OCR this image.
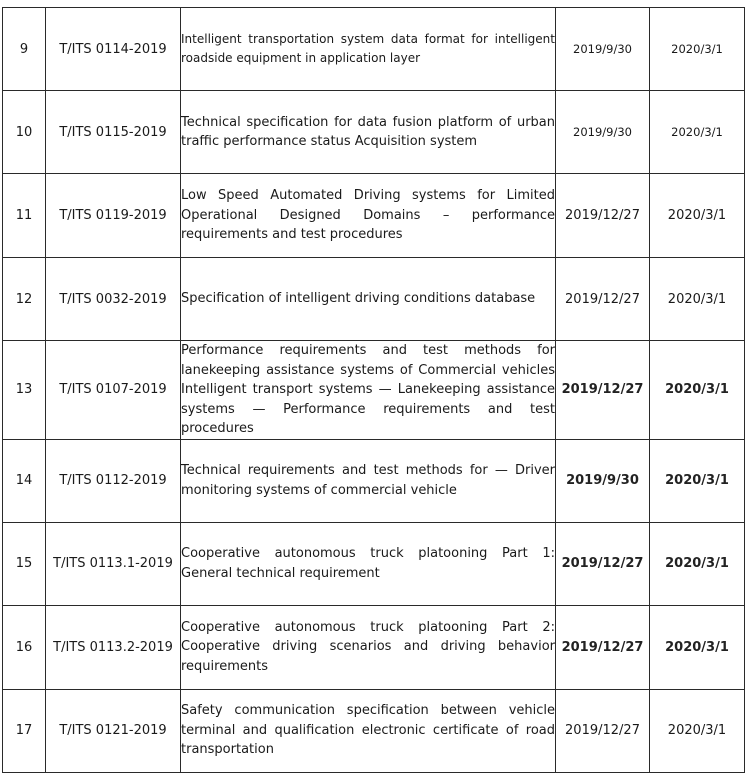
9	T/ITS 0114-2019	Intelligent transportation system data format for intelligent roadside equipment in application layer	2019/9/30	2020/3/1
10	T/ITS 0115-2019	Technical specification for data fusion platform of urban traffic performance status Acquisition system	2019/9/30	2020/3/1
11	T/ITS 0119-2019	Low Speed Automated Driving systems for Limited Operational Designed Domains – performance requirements and test procedures	2019/12/27	2020/3/1
12	T/ITS 0032-2019	Specification of intelligent driving conditions database	2019/12/27	2020/3/1
13	T/ITS 0107-2019	Performance requirements and test methods for lanekeeping assistance systems of Commercial vehicles Intelligent transport systems — Lanekeeping assistance systems — Performance requirements and test procedures	2019/12/27	2020/3/1
14	T/ITS 0112-2019	Technical requirements and test methods for — Driver monitoring systems of commercial vehicle	2019/9/30	2020/3/1
15	T/ITS 0113.1-2019	Cooperative autonomous truck platooning Part 1: General technical requirement	2019/12/27	2020/3/1
16	T/ITS 0113.2-2019	Cooperative autonomous truck platooning Part 2: Cooperative driving scenarios and driving behavior requirements	2019/12/27	2020/3/1
17	T/ITS 0121-2019	Safety communication specification between vehicle terminal and qualification electronic certificate of road transportation	2019/12/27	2020/3/1
